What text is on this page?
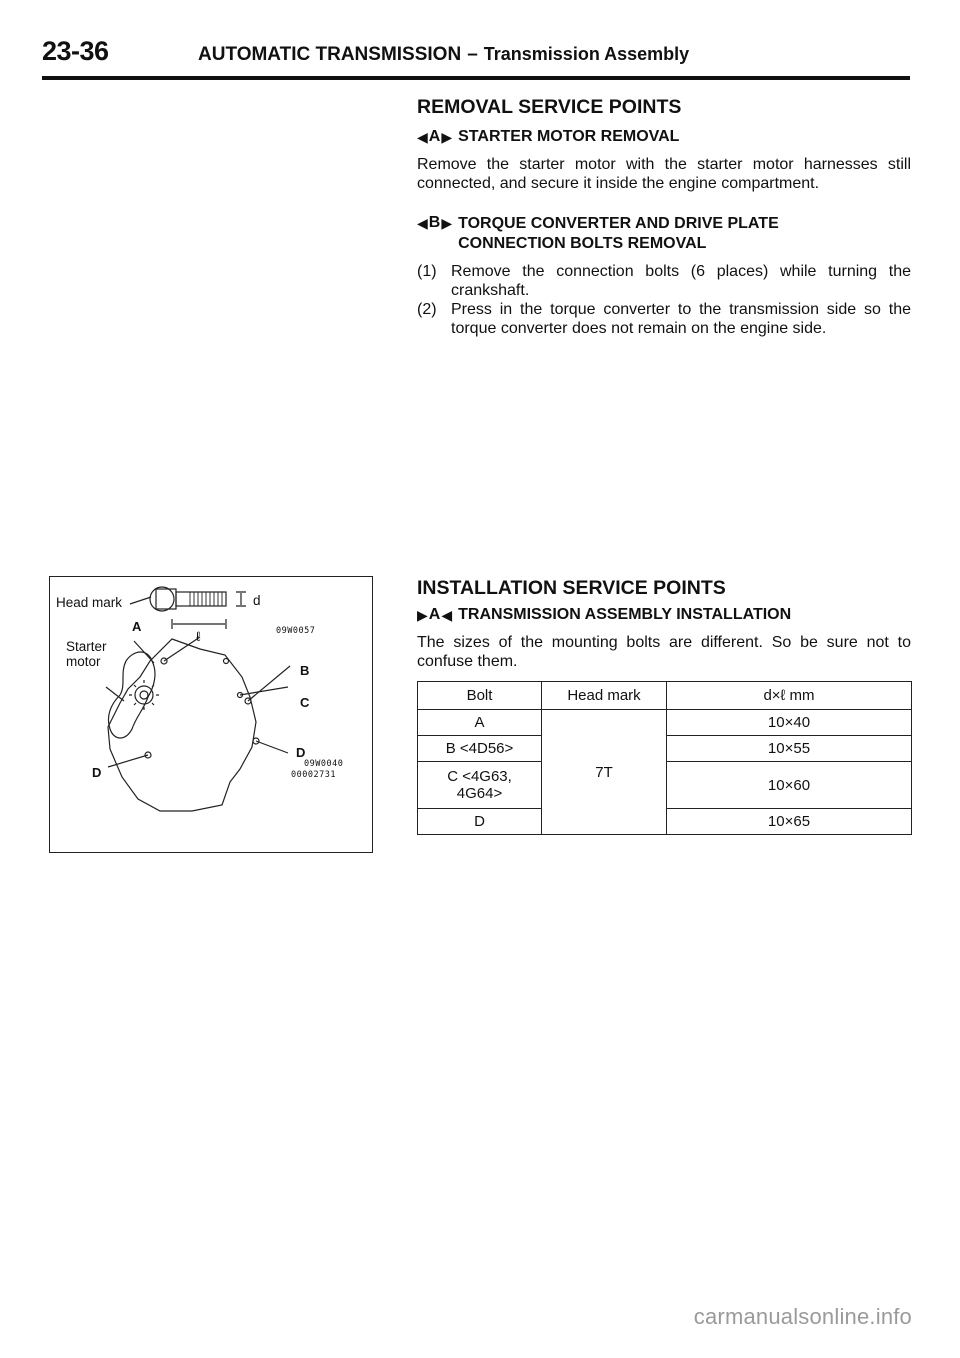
23-36	AUTOMATIC TRANSMISSION – Transmission Assembly
REMOVAL SERVICE POINTS
◀ A ▶ STARTER MOTOR REMOVAL
Remove the starter motor with the starter motor harnesses still connected, and secure it inside the engine compartment.
◀ B ▶ TORQUE CONVERTER AND DRIVE PLATE
CONNECTION BOLTS REMOVAL
(1) Remove the connection bolts (6 places) while turning the crankshaft.
(2) Press in the torque converter to the transmission side so the torque converter does not remain on the engine side.
Head mark	d
A
ℓ
Starter
motor
B
C
D
D
09W0057
09W0040
00002731
INSTALLATION SERVICE POINTS
▶ A ◀ TRANSMISSION ASSEMBLY INSTALLATION
The sizes of the mounting bolts are different. So be sure not to confuse them.
Bolt	Head mark	d×ℓ mm
A	7T	10×40
B <4D56>		10×55
C <4G63,
4G64>		10×60
D		10×65
carmanualsonline.info
